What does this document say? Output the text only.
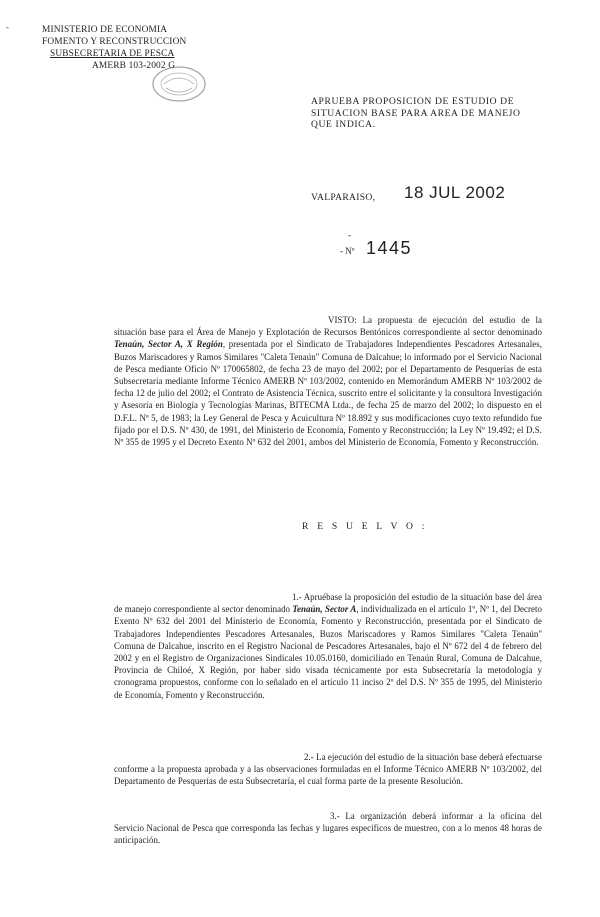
-	MINISTERIO DE ECONOMIA
FOMENTO Y RECONSTRUCCION
SUBSECRETARIA DE PESCA
AMERB 103-2002 G
APRUEBA PROPOSICION DE ESTUDIO DE
SITUACION BASE PARA AREA DE MANEJO
QUE INDICA.
VALPARAISO, 18 JUL 2002
-
- Nº 1445

VISTO: La propuesta de ejecución del estudio de la situación base para el Área de Manejo y Explotación de Recursos Bentónicos correspondiente al sector denominado Tenaún, Sector A, X Región, presentada por el Sindicato de Trabajadores Independientes Pescadores Artesanales, Buzos Mariscadores y Ramos Similares "Caleta Tenaún" Comuna de Dalcahue; lo informado por el Servicio Nacional de Pesca mediante Oficio Nº 170065802, de fecha 23 de mayo del 2002; por el Departamento de Pesquerías de esta Subsecretaría mediante Informe Técnico AMERB Nº 103/2002, contenido en Memorándum AMERB Nº 103/2002 de fecha 12 de julio del 2002; el Contrato de Asistencia Técnica, suscrito entre el solicitante y la consultora Investigación y Asesoría en Biología y Tecnologías Marinas, BITECMA Ltda., de fecha 25 de marzo del 2002; lo dispuesto en el D.F.L. Nº 5, de 1983; la Ley General de Pesca y Acuicultura Nº 18.892 y sus modificaciones cuyo texto refundido fue fijado por el D.S. Nº 430, de 1991, del Ministerio de Economía, Fomento y Reconstrucción; la Ley Nº 19.492; el D.S. Nº 355 de 1995 y el Decreto Exento Nº 632 del 2001, ambos del Ministerio de Economía, Fomento y Reconstrucción.

R E S U E L V O :

1.- Apruébase la proposición del estudio de la situación base del área de manejo correspondiente al sector denominado Tenaún, Sector A, individualizada en el artículo 1º, Nº 1, del Decreto Exento Nº 632 del 2001 del Ministerio de Economía, Fomento y Reconstrucción, presentada por el Sindicato de Trabajadores Independientes Pescadores Artesanales, Buzos Mariscadores y Ramos Similares "Caleta Tenaún" Comuna de Dalcahue, inscrito en el Registro Nacional de Pescadores Artesanales, bajo el Nº 672 del 4 de febrero del 2002 y en el Registro de Organizaciones Sindicales 10.05.0160, domiciliado en Tenaún Rural, Comuna de Dalcahue, Provincia de Chiloé, X Región, por haber sido visada técnicamente por esta Subsecretaría la metodología y cronograma propuestos, conforme con lo señalado en el artículo 11 inciso 2º del D.S. Nº 355 de 1995, del Ministerio de Economía, Fomento y Reconstrucción.

2.- La ejecución del estudio de la situación base deberá efectuarse conforme a la propuesta aprobada y a las observaciones formuladas en el Informe Técnico AMERB Nº 103/2002, del Departamento de Pesquerías de esta Subsecretaría, el cual forma parte de la presente Resolución.

3.- La organización deberá informar a la oficina del Servicio Nacional de Pesca que corresponda las fechas y lugares específicos de muestreo, con a lo menos 48 horas de anticipación.
